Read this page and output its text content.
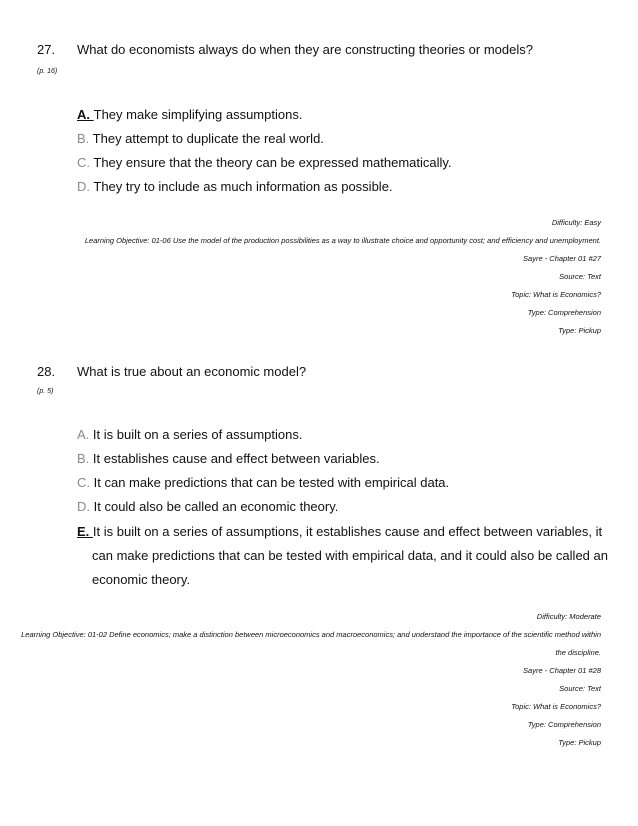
27. What do economists always do when they are constructing theories or models?
(p. 16)
A. They make simplifying assumptions.
B. They attempt to duplicate the real world.
C. They ensure that the theory can be expressed mathematically.
D. They try to include as much information as possible.
Difficulty: Easy
Learning Objective: 01-06 Use the model of the production possibilities as a way to illustrate choice and opportunity cost; and efficiency and unemployment.
Sayre - Chapter 01 #27
Source: Text
Topic: What is Economics?
Type: Comprehension
Type: Pickup
28. What is true about an economic model?
(p. 5)
A. It is built on a series of assumptions.
B. It establishes cause and effect between variables.
C. It can make predictions that can be tested with empirical data.
D. It could also be called an economic theory.
E. It is built on a series of assumptions, it establishes cause and effect between variables, it can make predictions that can be tested with empirical data, and it could also be called an economic theory.
Difficulty: Moderate
Learning Objective: 01-02 Define economics; make a distinction between microeconomics and macroeconomics; and understand the importance of the scientific method within the discipline.
Sayre - Chapter 01 #28
Source: Text
Topic: What is Economics?
Type: Comprehension
Type: Pickup
